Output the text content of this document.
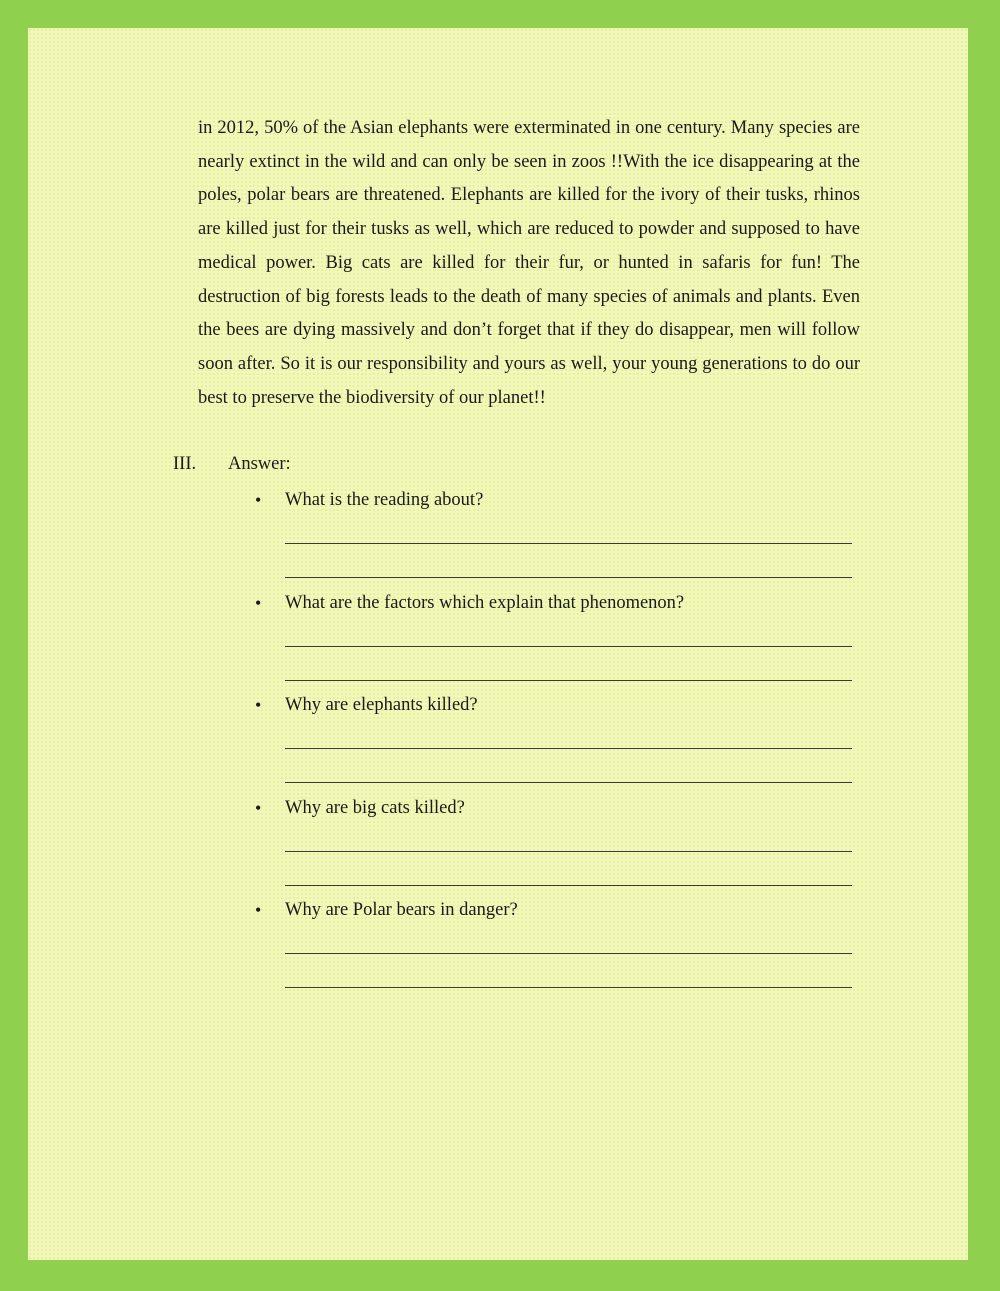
in 2012, 50% of the Asian elephants were exterminated in one century. Many species are nearly extinct in the wild and can only be seen in zoos !!With the ice disappearing at the poles, polar bears are threatened. Elephants are killed for the ivory of their tusks, rhinos are killed just for their tusks as well, which are reduced to powder and supposed to have medical power. Big cats are killed for their fur, or hunted in safaris for fun! The destruction of big forests leads to the death of many species of animals and plants. Even the bees are dying massively and don’t forget that if they do disappear, men will follow soon after. So it is our responsibility and yours as well, your young generations to do our best to preserve the biodiversity of our planet!!

III. Answer:
• What is the reading about?
• What are the factors which explain that phenomenon?
• Why are elephants killed?
• Why are big cats killed?
• Why are Polar bears in danger?
